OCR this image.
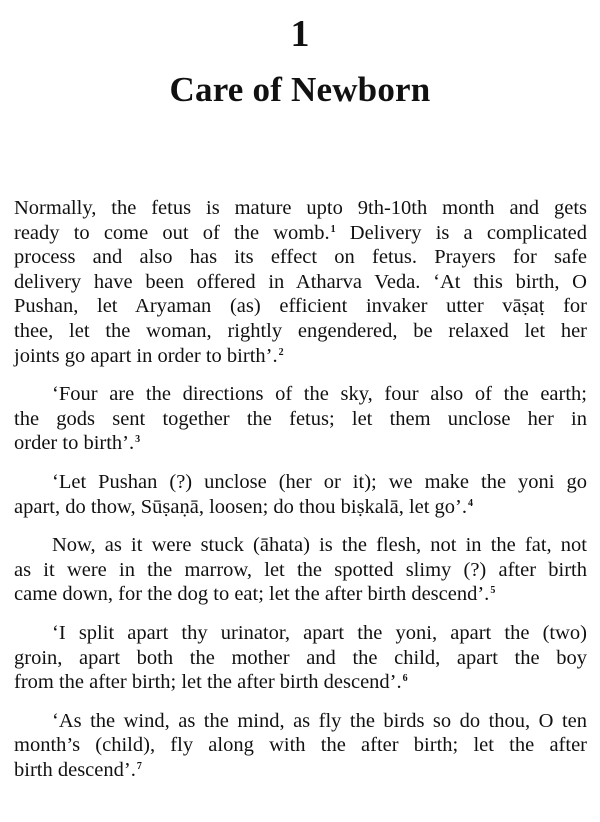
1
Care of Newborn
Normally, the fetus is mature upto 9th-10th month and gets
ready to come out of the womb.$^1$ Delivery is a complicated
process and also has its effect on fetus. Prayers for safe
delivery have been offered in Atharva Veda. ‘At this birth, O
Pushan, let Aryaman (as) efficient invaker utter vāṣaṭ for
thee, let the woman, rightly engendered, be relaxed let her
joints go apart in order to birth’.$^2$
‘Four are the directions of the sky, four also of the earth;
the gods sent together the fetus; let them unclose her in
order to birth’.$^3$
‘Let Pushan (?) unclose (her or it); we make the yoni go
apart, do thow, Sūṣaṇā, loosen; do thou biṣkalā, let go’.$^4$
Now, as it were stuck (āhata) is the flesh, not in the fat, not
as it were in the marrow, let the spotted slimy (?) after birth
came down, for the dog to eat; let the after birth descend’.$^5$
‘I split apart thy urinator, apart the yoni, apart the (two)
groin, apart both the mother and the child, apart the boy
from the after birth; let the after birth descend’.$^6$
‘As the wind, as the mind, as fly the birds so do thou, O ten
month’s (child), fly along with the after birth; let the after
birth descend’.$^7$
